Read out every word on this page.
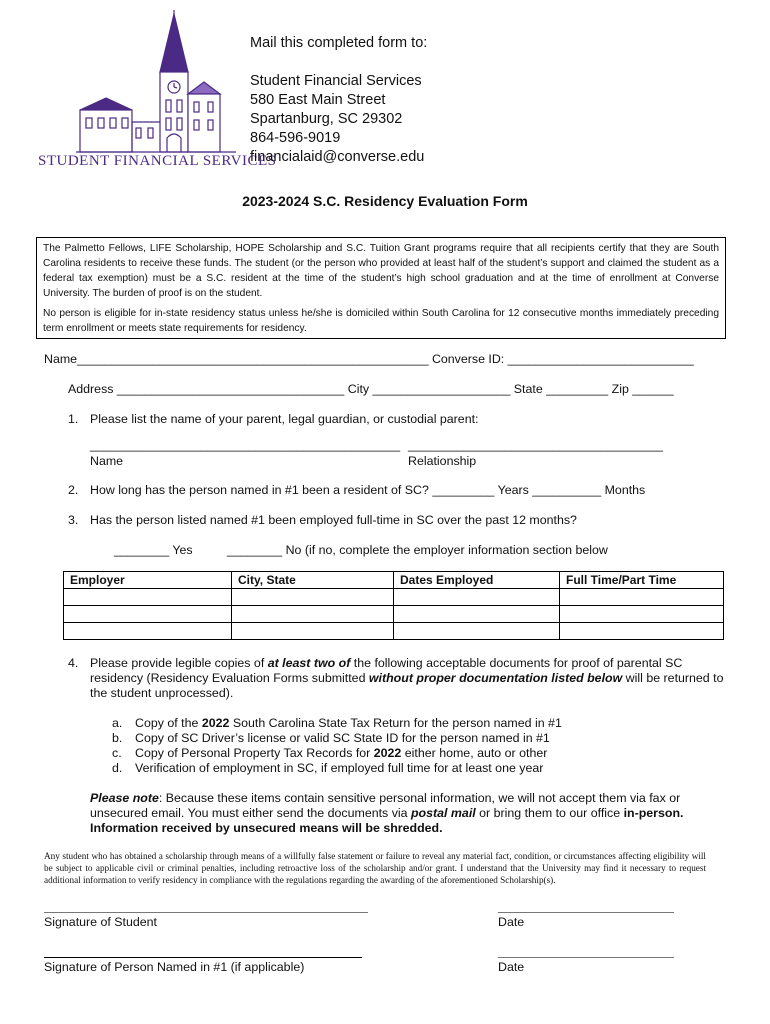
STUDENT FINANCIAL SERVICES
Mail this completed form to:
Student Financial Services
580 East Main Street
Spartanburg, SC 29302
864-596-9019
financialaid@converse.edu
2023-2024 S.C. Residency Evaluation Form

The Palmetto Fellows, LIFE Scholarship, HOPE Scholarship and S.C. Tuition Grant programs require that all recipients certify that they are South Carolina residents to receive these funds. The student (or the person who provided at least half of the student’s support and claimed the student as a federal tax exemption) must be a S.C. resident at the time of the student’s high school graduation and at the time of enrollment at Converse University. The burden of proof is on the student.

No person is eligible for in-state residency status unless he/she is domiciled within South Carolina for 12 consecutive months immediately preceding term enrollment or meets state requirements for residency.

Name___________________________________________________ Converse ID: ___________________________
Address _________________________________ City ____________________ State _________ Zip ______
1. Please list the name of your parent, legal guardian, or custodial parent:
_____________________________________________ _____________________________________
Name	Relationship
2. How long has the person named in #1 been a resident of SC? _________ Years __________ Months
3. Has the person listed named #1 been employed full-time in SC over the past 12 months?
________ Yes	________ No (if no, complete the employer information section below
Employer	City, State	Dates Employed	Full Time/Part Time

4. Please provide legible copies of at least two of the following acceptable documents for proof of parental SC residency (Residency Evaluation Forms submitted without proper documentation listed below will be returned to the student unprocessed).
a. Copy of the 2022 South Carolina State Tax Return for the person named in #1
b. Copy of SC Driver’s license or valid SC State ID for the person named in #1
c. Copy of Personal Property Tax Records for 2022 either home, auto or other
d. Verification of employment in SC, if employed full time for at least one year
Please note: Because these items contain sensitive personal information, we will not accept them via fax or unsecured email. You must either send the documents via postal mail or bring them to our office in-person.
Information received by unsecured means will be shredded.
Any student who has obtained a scholarship through means of a willfully false statement or failure to reveal any material fact, condition, or circumstances affecting eligibility will be subject to applicable civil or criminal penalties, including retroactive loss of the scholarship and/or grant. I understand that the University may find it necessary to request additional information to verify residency in compliance with the regulations regarding the awarding of the aforementioned Scholarship(s).
Signature of Student	Date
Signature of Person Named in #1 (if applicable)	Date
